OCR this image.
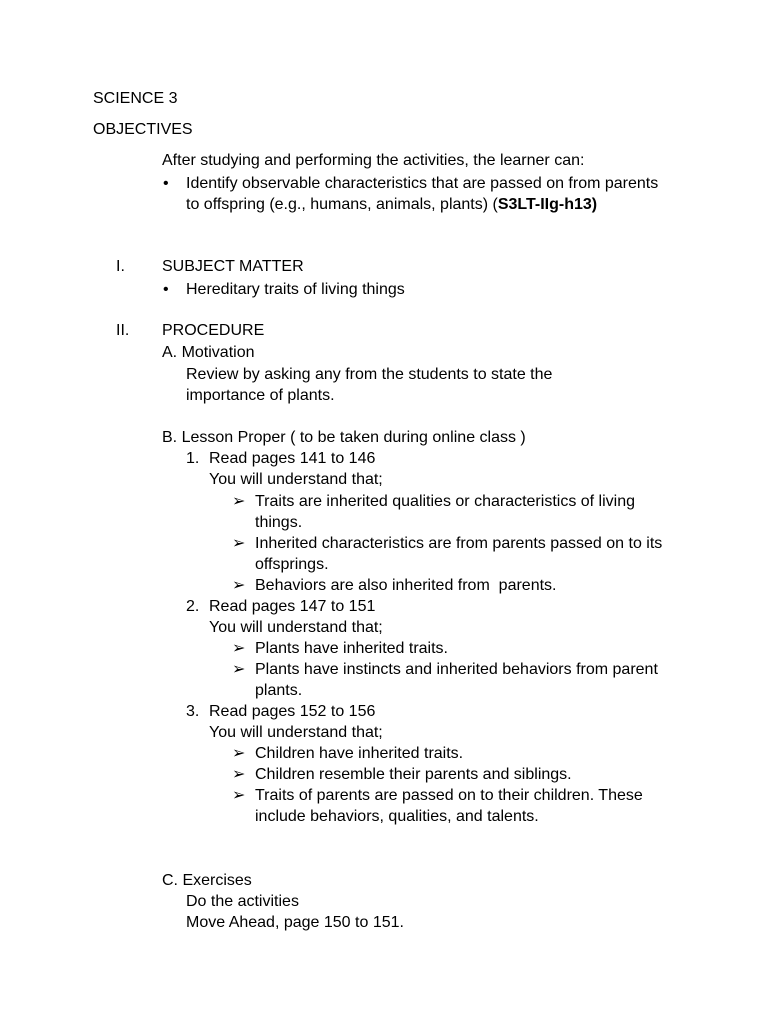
SCIENCE 3
OBJECTIVES
After studying and performing the activities, the learner can:
• Identify observable characteristics that are passed on from parents to offspring (e.g., humans, animals, plants) (S3LT-IIg-h13)
I. SUBJECT MATTER
• Hereditary traits of living things
II. PROCEDURE
A. Motivation
Review by asking any from the students to state the importance of plants.
B. Lesson Proper ( to be taken during online class )
1. Read pages 141 to 146
You will understand that;
➢ Traits are inherited qualities or characteristics of living things.
➢ Inherited characteristics are from parents passed on to its offsprings.
➢ Behaviors are also inherited from  parents.
2. Read pages 147 to 151
You will understand that;
➢ Plants have inherited traits.
➢ Plants have instincts and inherited behaviors from parent plants.
3. Read pages 152 to 156
You will understand that;
➢ Children have inherited traits.
➢ Children resemble their parents and siblings.
➢ Traits of parents are passed on to their children. These include behaviors, qualities, and talents.
C. Exercises
Do the activities
Move Ahead, page 150 to 151.
